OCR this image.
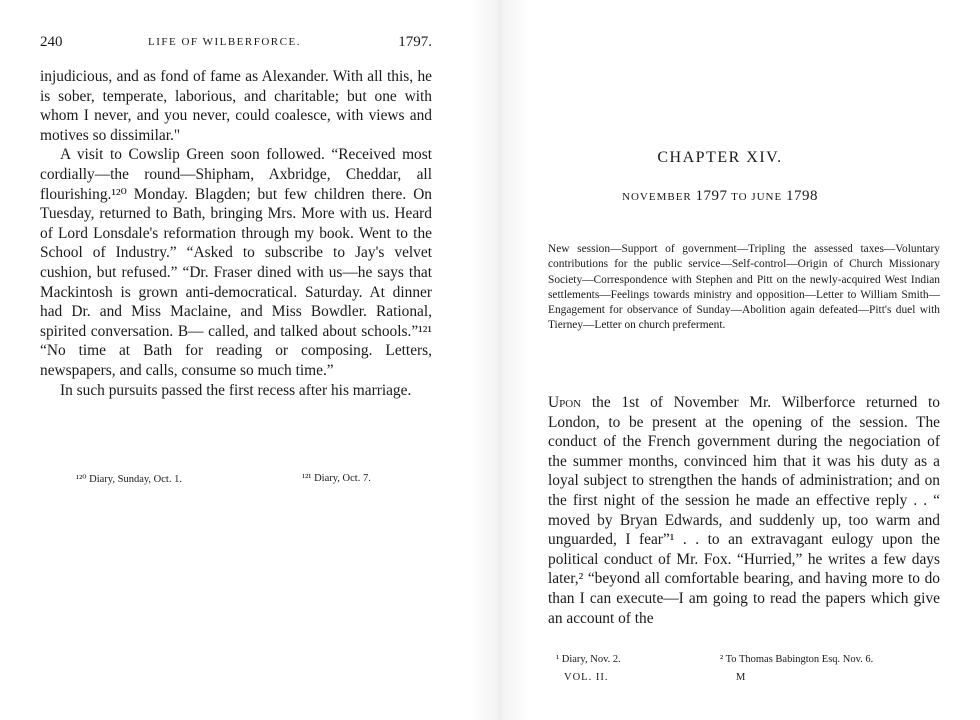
240	LIFE OF WILBERFORCE.	1797.

injudicious, and as fond of fame as Alexander. With all this, he is sober, temperate, laborious, and charitable; but one with whom I never, and you never, could coalesce, with views and motives so dissimilar."

A visit to Cowslip Green soon followed. “Received most cordially—the round—Shipham, Axbridge, Cheddar, all flourishing.¹²⁰ Monday. Blagden; but few children there. On Tuesday, returned to Bath, bringing Mrs. More with us. Heard of Lord Lonsdale's reformation through my book. Went to the School of Industry.” “Asked to subscribe to Jay's velvet cushion, but refused.” “Dr. Fraser dined with us—he says that Mackintosh is grown anti-democratical. Saturday. At dinner had Dr. and Miss Maclaine, and Miss Bowdler. Rational, spirited conversation. B— called, and talked about schools.”¹²¹ “No time at Bath for reading or composing. Letters, newspapers, and calls, consume so much time.”

In such pursuits passed the first recess after his marriage.

¹²⁰ Diary, Sunday, Oct. 1.	¹²¹ Diary, Oct. 7.
CHAPTER XIV.
NOVEMBER 1797 TO JUNE 1798

New session—Support of government—Tripling the assessed taxes—Voluntary contributions for the public service—Self-control—Origin of Church Missionary Society—Correspondence with Stephen and Pitt on the newly-acquired West Indian settlements—Feelings towards ministry and opposition—Letter to William Smith—Engagement for observance of Sunday—Abolition again defeated—Pitt's duel with Tierney—Letter on church preferment.

Upon the 1st of November Mr. Wilberforce returned to London, to be present at the opening of the session. The conduct of the French government during the negociation of the summer months, convinced him that it was his duty as a loyal subject to strengthen the hands of administration; and on the first night of the session he made an effective reply . . “ moved by Bryan Edwards, and suddenly up, too warm and unguarded, I fear”¹ . . to an extravagant eulogy upon the political conduct of Mr. Fox. “Hurried,” he writes a few days later,² “beyond all comfortable bearing, and having more to do than I can execute—I am going to read the papers which give an account of the

¹ Diary, Nov. 2.	² To Thomas Babington Esq. Nov. 6.
VOL. II.	M
